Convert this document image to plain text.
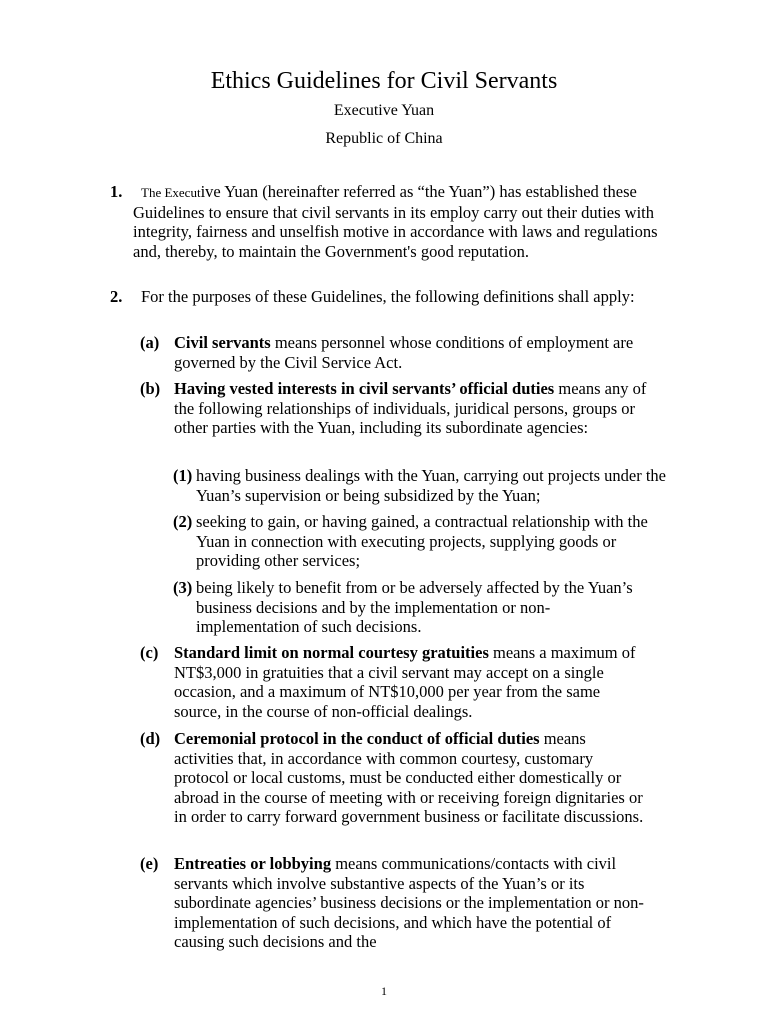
Ethics Guidelines for Civil Servants
Executive Yuan
Republic of China
1.	The Executive Yuan (hereinafter referred as “the Yuan”) has established these Guidelines to ensure that civil servants in its employ carry out their duties with integrity, fairness and unselfish motive in accordance with laws and regulations and, thereby, to maintain the Government's good reputation.
2.	For the purposes of these Guidelines, the following definitions shall apply:
(a) Civil servants means personnel whose conditions of employment are governed by the Civil Service Act.
(b) Having vested interests in civil servants’ official duties means any of the following relationships of individuals, juridical persons, groups or other parties with the Yuan, including its subordinate agencies:
(1) having business dealings with the Yuan, carrying out projects under the Yuan’s supervision or being subsidized by the Yuan;
(2) seeking to gain, or having gained, a contractual relationship with the Yuan in connection with executing projects, supplying goods or providing other services;
(3) being likely to benefit from or be adversely affected by the Yuan’s business decisions and by the implementation or non-implementation of such decisions.
(c) Standard limit on normal courtesy gratuities means a maximum of NT$3,000 in gratuities that a civil servant may accept on a single occasion, and a maximum of NT$10,000 per year from the same source, in the course of non-official dealings.
(d) Ceremonial protocol in the conduct of official duties means activities that, in accordance with common courtesy, customary protocol or local customs, must be conducted either domestically or abroad in the course of meeting with or receiving foreign dignitaries or in order to carry forward government business or facilitate discussions.
(e) Entreaties or lobbying means communications/contacts with civil servants which involve substantive aspects of the Yuan’s or its subordinate agencies’ business decisions or the implementation or non-implementation of such decisions, and which have the potential of causing such decisions and the
1
